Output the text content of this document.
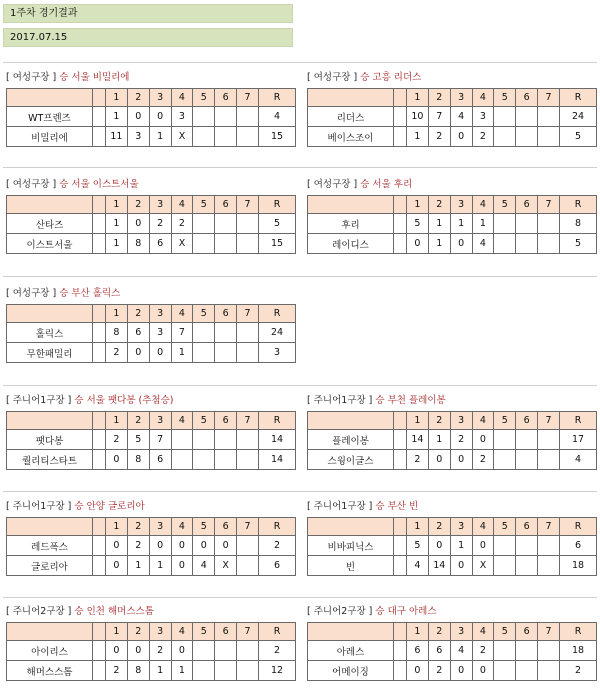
1주차 경기결과
2017.07.15
[ 여성구장 ] 승 서울 비밀리에
		1	2	3	4	5	6	7	R
WT프렌즈		1	0	0	3				4
비밀리에		11	3	1	X				15
[ 여성구장 ] 승 고흥 리더스
		1	2	3	4	5	6	7	R
리더스		10	7	4	3				24
베이스조이		1	2	0	2				5
[ 여성구장 ] 승 서울 이스트서울
		1	2	3	4	5	6	7	R
산타즈		1	0	2	2				5
이스트서울		1	8	6	X				15
[ 여성구장 ] 승 서울 후리
		1	2	3	4	5	6	7	R
후리		5	1	1	1				8
레이디스		0	1	0	4				5
[ 여성구장 ] 승 부산 홀릭스
		1	2	3	4	5	6	7	R
홀릭스		8	6	3	7				24
무한패밀리		2	0	0	1				3
[ 주니어1구장 ] 승 서울 팻다봉 (추첨승)
		1	2	3	4	5	6	7	R
팻다봉		2	5	7					14
퀄리티스타트		0	8	6					14
[ 주니어1구장 ] 승 부천 플레이봉
		1	2	3	4	5	6	7	R
플레이봉		14	1	2	0				17
스윙이글스		2	0	0	2				4
[ 주니어1구장 ] 승 안양 글로리아
		1	2	3	4	5	6	7	R
레드폭스		0	2	0	0	0	0		2
글로리아		0	1	1	0	4	X		6
[ 주니어1구장 ] 승 부산 빈
		1	2	3	4	5	6	7	R
비바피닉스		5	0	1	0				6
빈		4	14	0	X				18
[ 주니어2구장 ] 승 인천 해머스스톰
		1	2	3	4	5	6	7	R
아이리스		0	0	2	0				2
해머스스톰		2	8	1	1				12
[ 주니어2구장 ] 승 대구 아레스
		1	2	3	4	5	6	7	R
아레스		6	6	4	2				18
어메이징		0	2	0	0				2
